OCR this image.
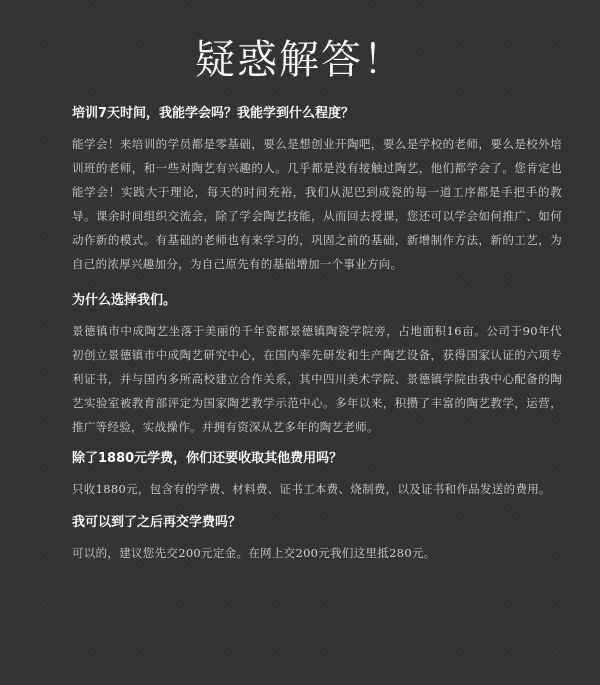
疑惑解答！

培训7天时间，我能学会吗？我能学到什么程度？

能学会！来培训的学员都是零基础，要么是想创业开陶吧，要么是学校的老师，要么是校外培训班的老师，和一些对陶艺有兴趣的人。几乎都是没有接触过陶艺，他们都学会了。您肯定也能学会！实践大于理论，每天的时间充裕，我们从泥巴到成瓷的每一道工序都是手把手的教导。课余时间组织交流会，除了学会陶艺技能，从而回去授课，您还可以学会如何推广、如何动作新的模式。有基础的老师也有来学习的，巩固之前的基础，新增制作方法，新的工艺，为自己的浓厚兴趣加分，为自己原先有的基础增加一个事业方向。

为什么选择我们。

景德镇市中成陶艺坐落于美丽的千年瓷都景德镇陶瓷学院旁，占地面积16亩。公司于90年代初创立景德镇市中成陶艺研究中心，在国内率先研发和生产陶艺设备，获得国家认证的六项专利证书，并与国内多所高校建立合作关系，其中四川美术学院、景德镇学院由我中心配备的陶艺实验室被教育部评定为国家陶艺教学示范中心。多年以来，积攒了丰富的陶艺教学，运营，推广等经验，实战操作。并拥有资深从艺多年的陶艺老师。

除了1880元学费，你们还要收取其他费用吗？

只收1880元，包含有的学费、材料费、证书工本费、烧制费，以及证书和作品发送的费用。

我可以到了之后再交学费吗？

可以的，建议您先交200元定金。在网上交200元我们这里抵280元。
